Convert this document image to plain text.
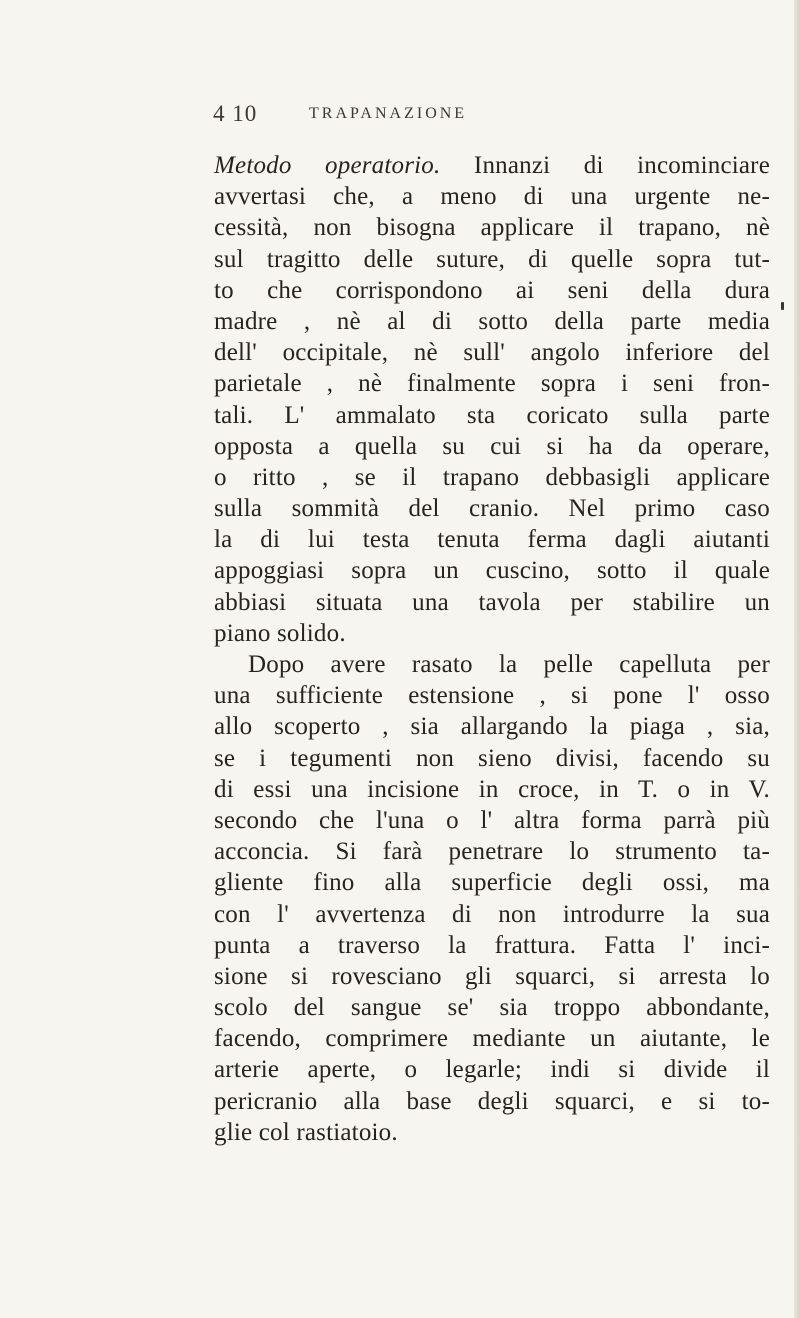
4 10	TRAPANAZIONE
Metodo operatorio. Innanzi di incominciare
avvertasi che, a meno di una urgente ne-
cessità, non bisogna applicare il trapano, nè
sul tragitto delle suture, di quelle sopra tut-
to che corrispondono ai seni della dura
madre , nè al di sotto della parte media
dell' occipitale, nè sull' angolo inferiore del
parietale , nè finalmente sopra i seni fron-
tali. L' ammalato sta coricato sulla parte
opposta a quella su cui si ha da operare,
o ritto , se il trapano debbasigli applicare
sulla sommità del cranio. Nel primo caso
la di lui testa tenuta ferma dagli aiutanti
appoggiasi sopra un cuscino, sotto il quale
abbiasi situata una tavola per stabilire un
piano solido.
Dopo avere rasato la pelle capelluta per
una sufficiente estensione , si pone l' osso
allo scoperto , sia allargando la piaga , sia,
se i tegumenti non sieno divisi, facendo su
di essi una incisione in croce, in T. o in V.
secondo che l'una o l' altra forma parrà più
acconcia. Si farà penetrare lo strumento ta-
gliente fino alla superficie degli ossi, ma
con l' avvertenza di non introdurre la sua
punta a traverso la frattura. Fatta l' inci-
sione si rovesciano gli squarci, si arresta lo
scolo del sangue se' sia troppo abbondante,
facendo, comprimere mediante un aiutante, le
arterie aperte, o legarle; indi si divide il
pericranio alla base degli squarci, e si to-
glie col rastiatoio.
